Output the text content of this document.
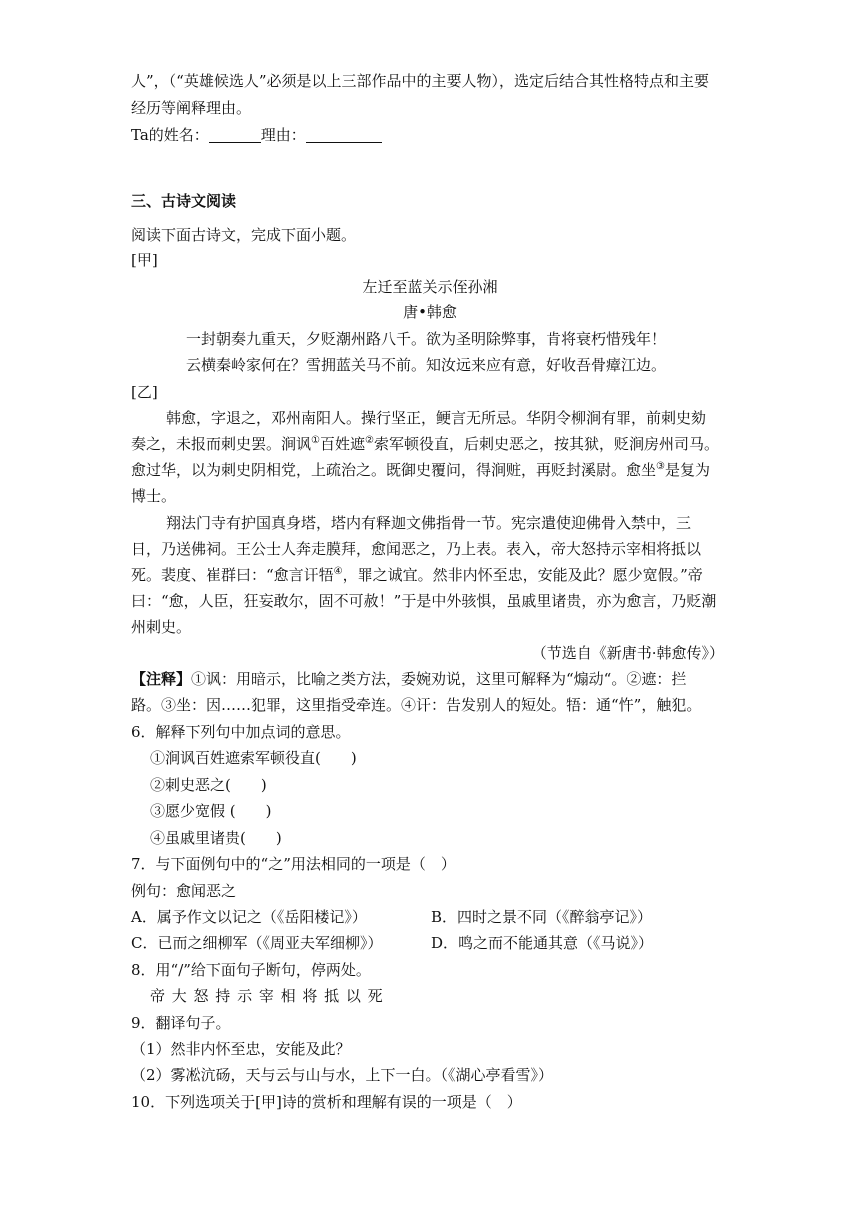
人”，（“英雄候选人”必须是以上三部作品中的主要人物），选定后结合其性格特点和主要
经历等阐释理由。
Ta的姓名：	理由：
三、古诗文阅读
阅读下面古诗文，完成下面小题。
[甲]
左迁至蓝关示侄孙湘
唐•韩愈
一封朝奏九重天，夕贬潮州路八千。欲为圣明除弊事，肯将衰朽惜残年！
云横秦岭家何在？雪拥蓝关马不前。知汝远来应有意，好收吾骨瘴江边。
[乙]
韩愈，字退之，邓州南阳人。操行坚正，鲠言无所忌。华阴令柳涧有罪，前刺史劾
奏之，未报而刺史罢。涧讽①百姓遮②索军顿役直，后刺史恶之，按其狱，贬涧房州司马。
愈过华，以为刺史阴相党，上疏治之。既御史覆问，得涧赃，再贬封溪尉。愈坐③是复为
博士。
翔法门寺有护国真身塔，塔内有释迦文佛指骨一节。宪宗遣使迎佛骨入禁中，三
日，乃送佛祠。王公士人奔走膜拜，愈闻恶之，乃上表。表入，帝大怒持示宰相将抵以
死。裴度、崔群曰：“愈言讦牾④，罪之诚宜。然非内怀至忠，安能及此？愿少宽假。”帝
曰：“愈，人臣，狂妄敢尔，固不可赦！”于是中外骇惧，虽戚里诸贵，亦为愈言，乃贬潮
州刺史。
（节选自《新唐书·韩愈传》）
【注释】①讽：用暗示，比喻之类方法，委婉劝说，这里可解释为“煽动“。②遮：拦
路。③坐：因……犯罪，这里指受牵连。④讦：告发别人的短处。牾：通“忤”，触犯。
6．解释下列句中加点词的意思。
①涧讽百姓遮索军顿役直(　　)
②刺史恶之(　　)
③愿少宽假 (　　)
④虽戚里诸贵(　　)
7．与下面例句中的“之”用法相同的一项是（　）
例句：愈闻恶之
A．属予作文以记之（《岳阳楼记》）	B．四时之景不同（《醉翁亭记》）
C．已而之细柳军（《周亚夫军细柳》）	D．鸣之而不能通其意（《马说》）
8．用“/”给下面句子断句，停两处。
帝 大 怒 持 示 宰 相 将 抵 以 死
9．翻译句子。
（1）然非内怀至忠，安能及此？
（2）雾凇沆砀，天与云与山与水，上下一白。（《湖心亭看雪》）
10．下列选项关于[甲]诗的赏析和理解有误的一项是（　）
